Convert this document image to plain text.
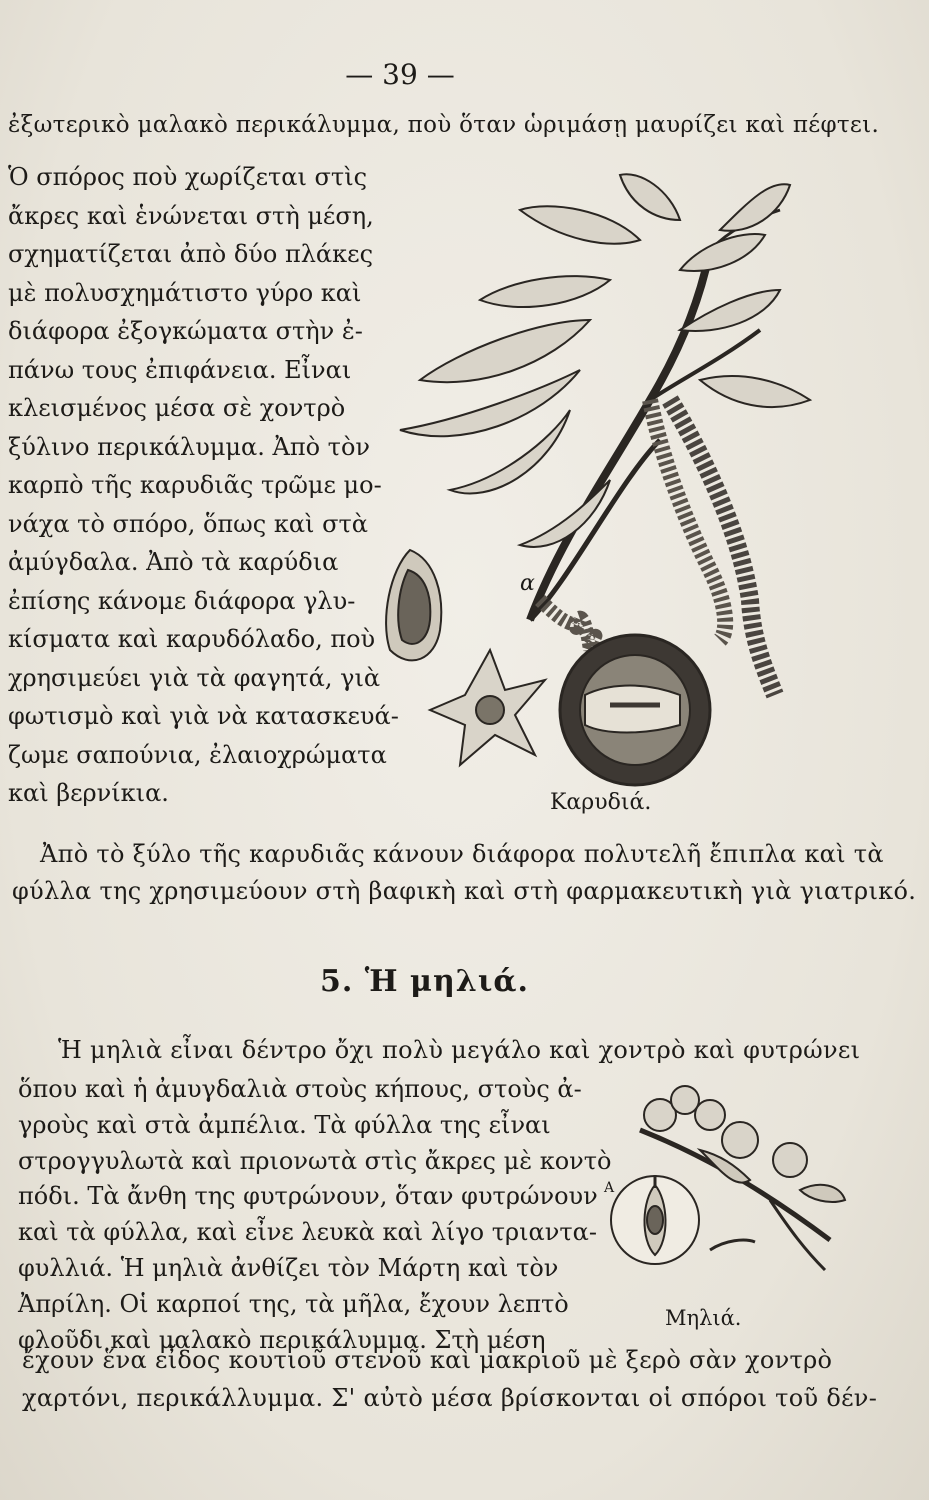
— 39 —
ἐξωτερικὸ μαλακὸ περικάλυμμα, ποὺ ὅταν ὡριμάσῃ μαυρίζει καὶ πέφτει.
Ὁ σπόρος ποὺ χωρίζεται στὶς
ἄκρες καὶ ἑνώνεται στὴ μέση,
σχηματίζεται ἀπὸ δύο πλάκες
μὲ πολυσχημάτιστο γύρο καὶ
διάφορα ἐξογκώματα στὴν ἐ-
πάνω τους ἐπιφάνεια. Εἶναι
κλεισμένος μέσα σὲ χοντρὸ
ξύλινο περικάλυμμα. Ἀπὸ τὸν
καρπὸ τῆς καρυδιᾶς τρῶμε μο-
νάχα τὸ σπόρο, ὅπως καὶ στὰ
ἀμύγδαλα. Ἀπὸ τὰ καρύδια
ἐπίσης κάνομε διάφορα γλυ-
κίσματα καὶ καρυδόλαδο, ποὺ
χρησιμεύει γιὰ τὰ φαγητά, γιὰ
φωτισμὸ καὶ γιὰ νὰ κατασκευά-
ζωμε σαπούνια, ἐλαιοχρώματα
καὶ βερνίκια.
α
Καρυδιά.
Ἀπὸ τὸ ξύλο τῆς καρυδιᾶς κάνουν διάφορα πολυτελῆ ἔπιπλα καὶ τὰ
φύλλα της χρησιμεύουν στὴ βαφικὴ καὶ στὴ φαρμακευτικὴ γιὰ γιατρικό.
5. Ἡ μηλιά.
Ἡ μηλιὰ εἶναι δέντρο ὄχι πολὺ μεγάλο καὶ χοντρὸ καὶ φυτρώνει
ὅπου καὶ ἡ ἀμυγδαλιὰ στοὺς κήπους, στοὺς ἀ-
γροὺς καὶ στὰ ἀμπέλια. Τὰ φύλλα της εἶναι
στρογγυλωτὰ καὶ πριονωτὰ στὶς ἄκρες μὲ κοντὸ
πόδι. Τὰ ἄνθη της φυτρώνουν, ὅταν φυτρώνουν
καὶ τὰ φύλλα, καὶ εἶνε λευκὰ καὶ λίγο τριαντα-
φυλλιά. Ἡ μηλιὰ ἀνθίζει τὸν Μάρτη καὶ τὸν
Ἀπρίλη. Οἱ καρποί της, τὰ μῆλα, ἔχουν λεπτὸ
φλοῦδι καὶ μαλακὸ περικάλυμμα. Στὴ μέση
A
Μηλιά.
ἔχουν ἕνα εἶδος κουτιοῦ στενοῦ καὶ μακριοῦ μὲ ξερὸ σὰν χοντρὸ
χαρτόνι, περικάλλυμμα. Σ' αὐτὸ μέσα βρίσκονται οἱ σπόροι τοῦ δέν-
